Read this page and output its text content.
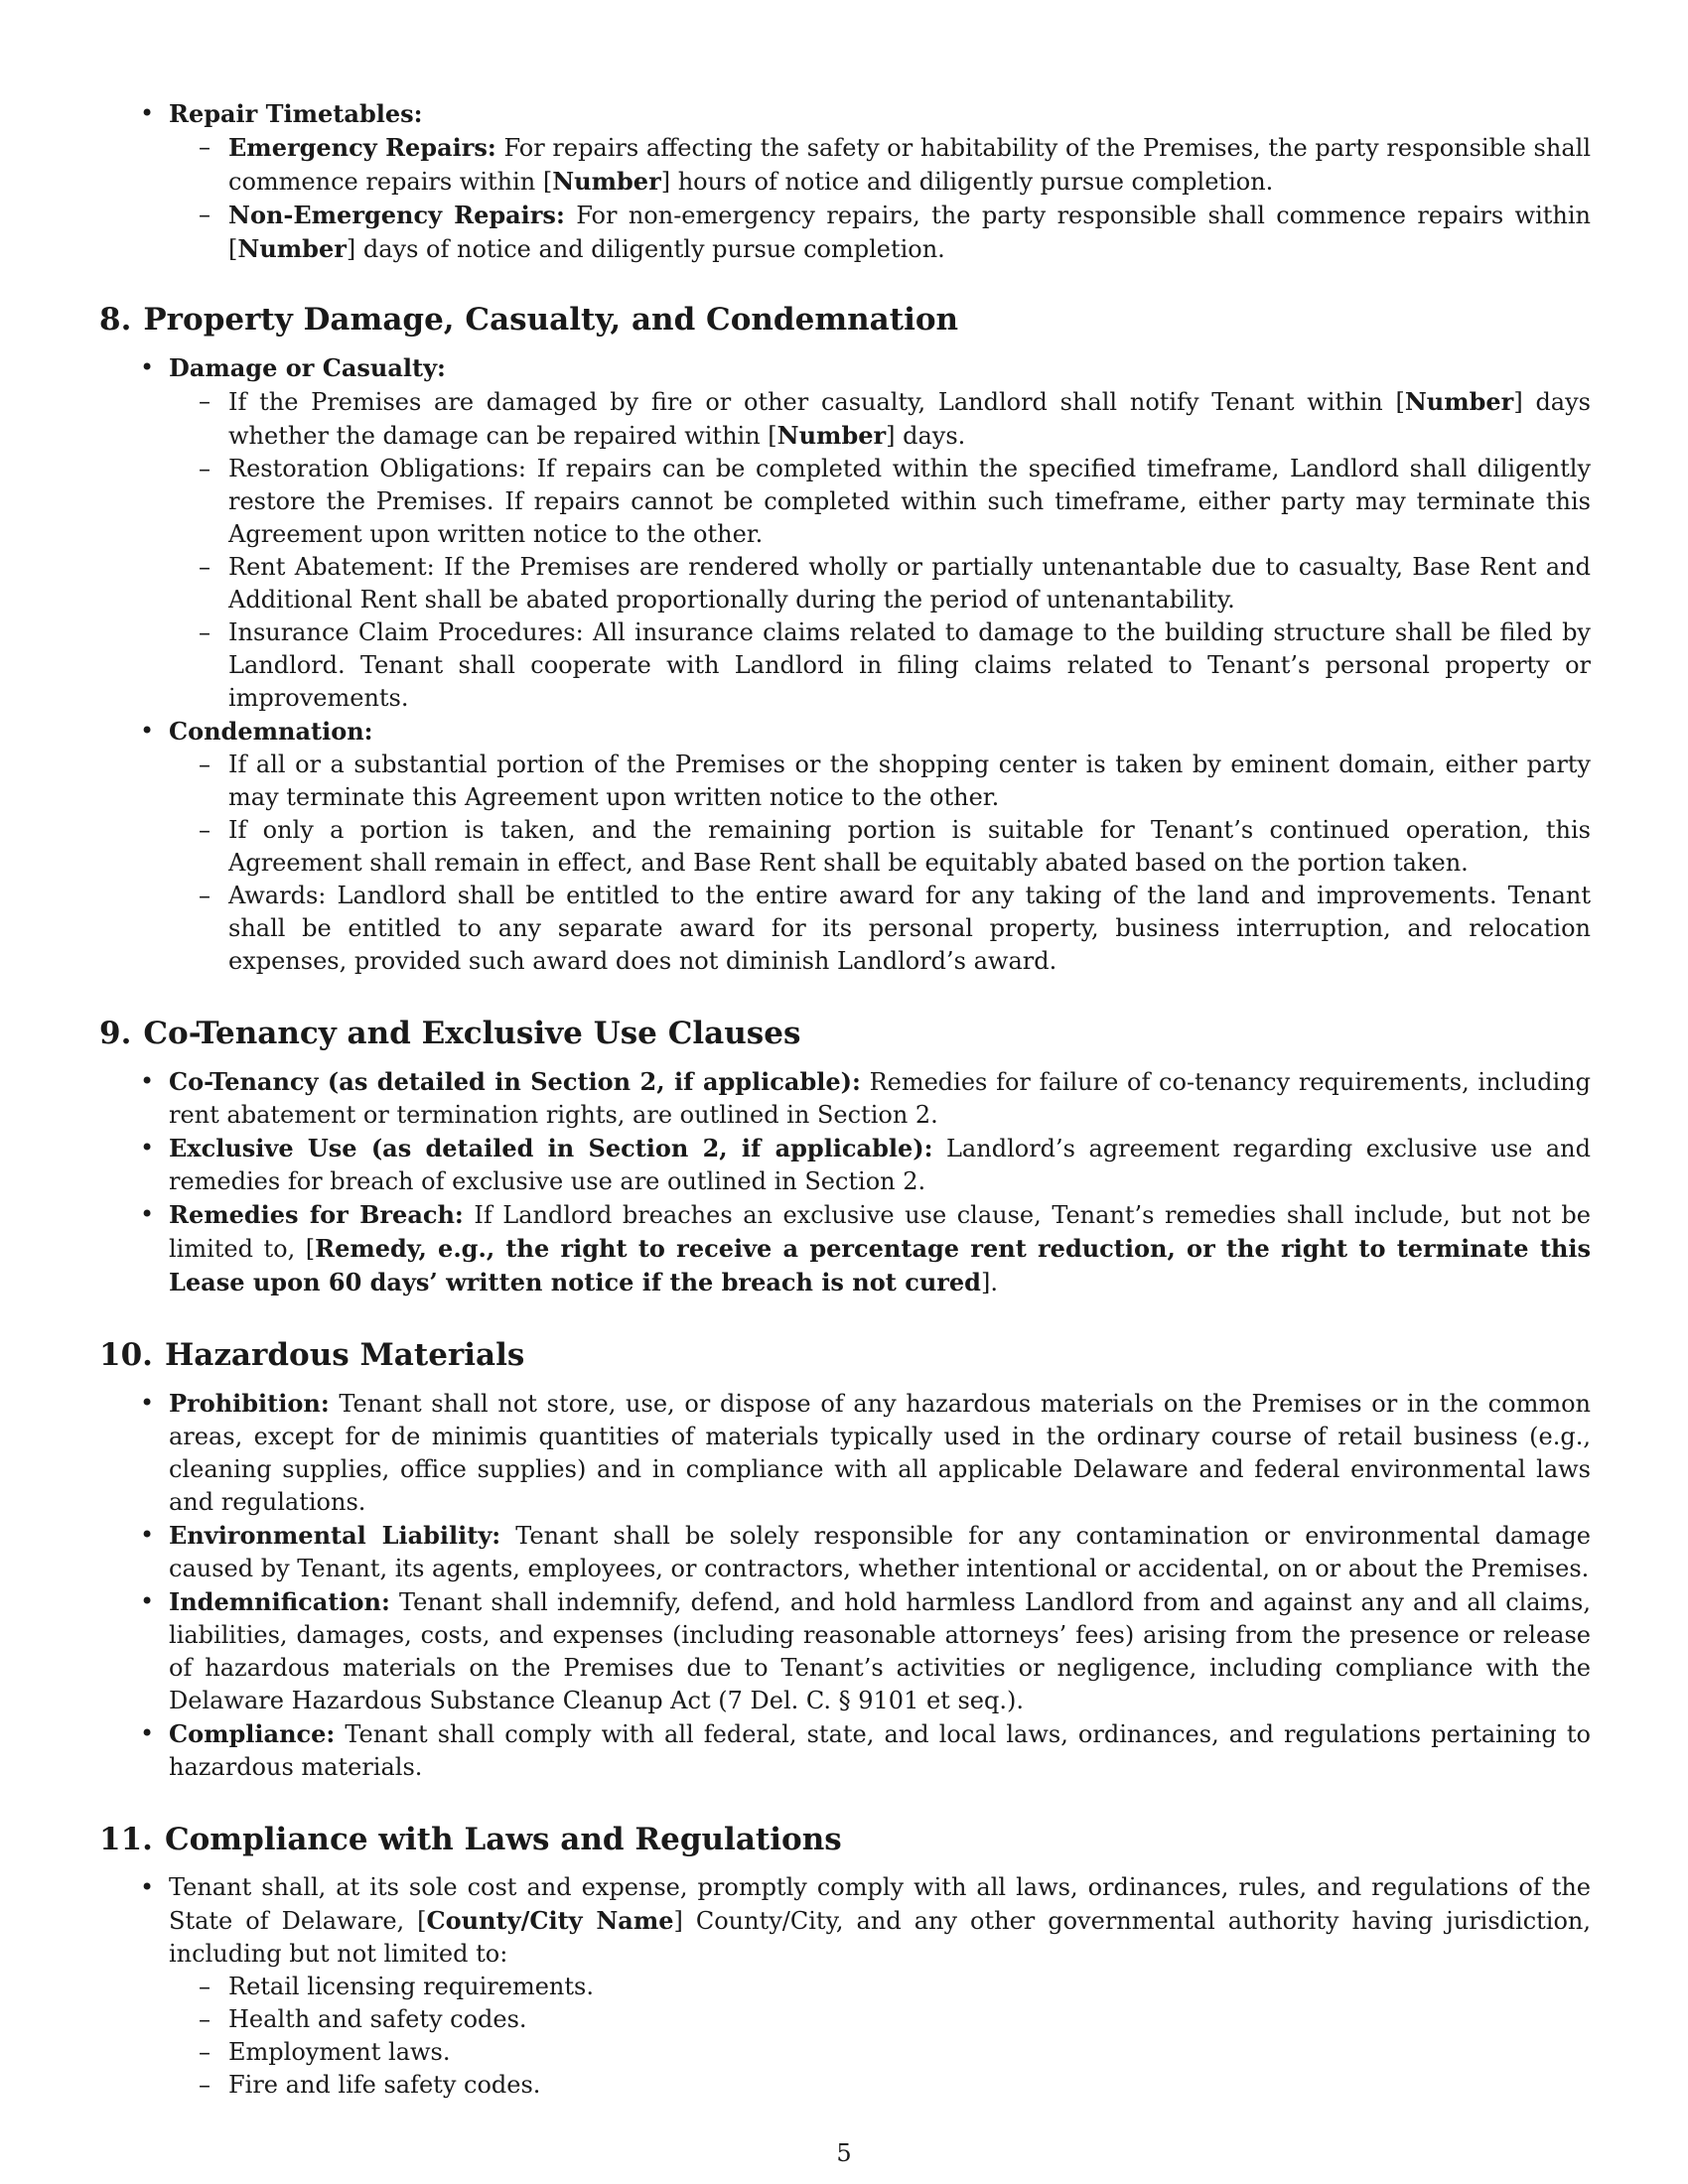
• Repair Timetables:
– Emergency Repairs: For repairs affecting the safety or habitability of the Premises, the party responsible shall commence repairs within [Number] hours of notice and diligently pursue completion.
– Non-Emergency Repairs: For non-emergency repairs, the party responsible shall commence repairs within [Number] days of notice and diligently pursue completion.
8. Property Damage, Casualty, and Condemnation
• Damage or Casualty:
– If the Premises are damaged by fire or other casualty, Landlord shall notify Tenant within [Number] days whether the damage can be repaired within [Number] days.
– Restoration Obligations: If repairs can be completed within the specified timeframe, Landlord shall diligently restore the Premises. If repairs cannot be completed within such timeframe, either party may terminate this Agreement upon written notice to the other.
– Rent Abatement: If the Premises are rendered wholly or partially untenantable due to casualty, Base Rent and Additional Rent shall be abated proportionally during the period of untenantability.
– Insurance Claim Procedures: All insurance claims related to damage to the building structure shall be filed by Landlord. Tenant shall cooperate with Landlord in filing claims related to Tenant’s personal property or improvements.
• Condemnation:
– If all or a substantial portion of the Premises or the shopping center is taken by eminent domain, either party may terminate this Agreement upon written notice to the other.
– If only a portion is taken, and the remaining portion is suitable for Tenant’s continued operation, this Agreement shall remain in effect, and Base Rent shall be equitably abated based on the portion taken.
– Awards: Landlord shall be entitled to the entire award for any taking of the land and improvements. Tenant shall be entitled to any separate award for its personal property, business interruption, and relocation expenses, provided such award does not diminish Landlord’s award.
9. Co-Tenancy and Exclusive Use Clauses
• Co-Tenancy (as detailed in Section 2, if applicable): Remedies for failure of co-tenancy requirements, including rent abatement or termination rights, are outlined in Section 2.
• Exclusive Use (as detailed in Section 2, if applicable): Landlord’s agreement regarding exclusive use and remedies for breach of exclusive use are outlined in Section 2.
• Remedies for Breach: If Landlord breaches an exclusive use clause, Tenant’s remedies shall include, but not be limited to, [Remedy, e.g., the right to receive a percentage rent reduction, or the right to terminate this Lease upon 60 days’ written notice if the breach is not cured].
10. Hazardous Materials
• Prohibition: Tenant shall not store, use, or dispose of any hazardous materials on the Premises or in the common areas, except for de minimis quantities of materials typically used in the ordinary course of retail business (e.g., cleaning supplies, office supplies) and in compliance with all applicable Delaware and federal environmental laws and regulations.
• Environmental Liability: Tenant shall be solely responsible for any contamination or environmental damage caused by Tenant, its agents, employees, or contractors, whether intentional or accidental, on or about the Premises.
• Indemnification: Tenant shall indemnify, defend, and hold harmless Landlord from and against any and all claims, liabilities, damages, costs, and expenses (including reasonable attorneys’ fees) arising from the presence or release of hazardous materials on the Premises due to Tenant’s activities or negligence, including compliance with the Delaware Hazardous Substance Cleanup Act (7 Del. C. § 9101 et seq.).
• Compliance: Tenant shall comply with all federal, state, and local laws, ordinances, and regulations pertaining to hazardous materials.
11. Compliance with Laws and Regulations
• Tenant shall, at its sole cost and expense, promptly comply with all laws, ordinances, rules, and regulations of the State of Delaware, [County/City Name] County/City, and any other governmental authority having jurisdiction, including but not limited to:
– Retail licensing requirements.
– Health and safety codes.
– Employment laws.
– Fire and life safety codes.
5
